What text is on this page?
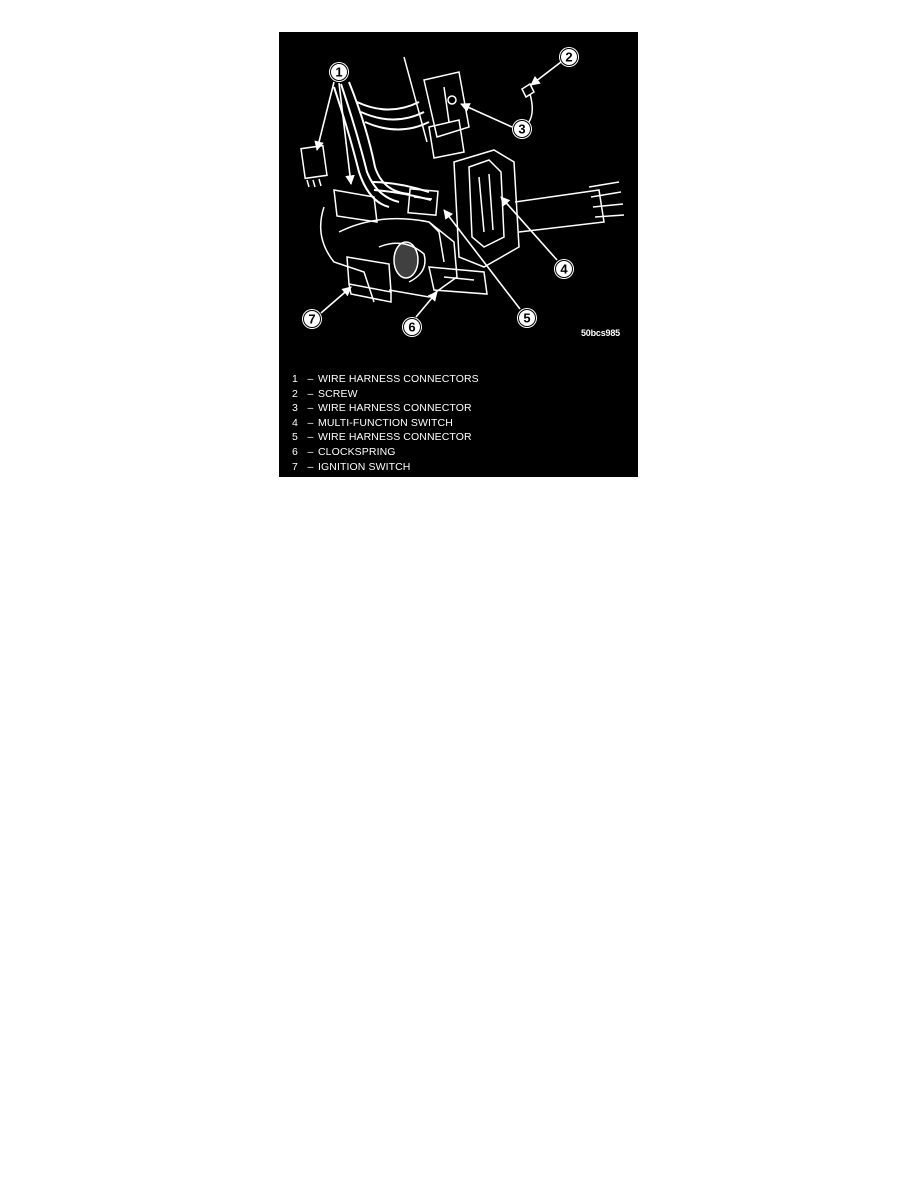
1
2
3
4
5
6
7
50bcs985
1 – WIRE HARNESS CONNECTORS
2 – SCREW
3 – WIRE HARNESS CONNECTOR
4 – MULTI-FUNCTION SWITCH
5 – WIRE HARNESS CONNECTOR
6 – CLOCKSPRING
7 – IGNITION SWITCH
